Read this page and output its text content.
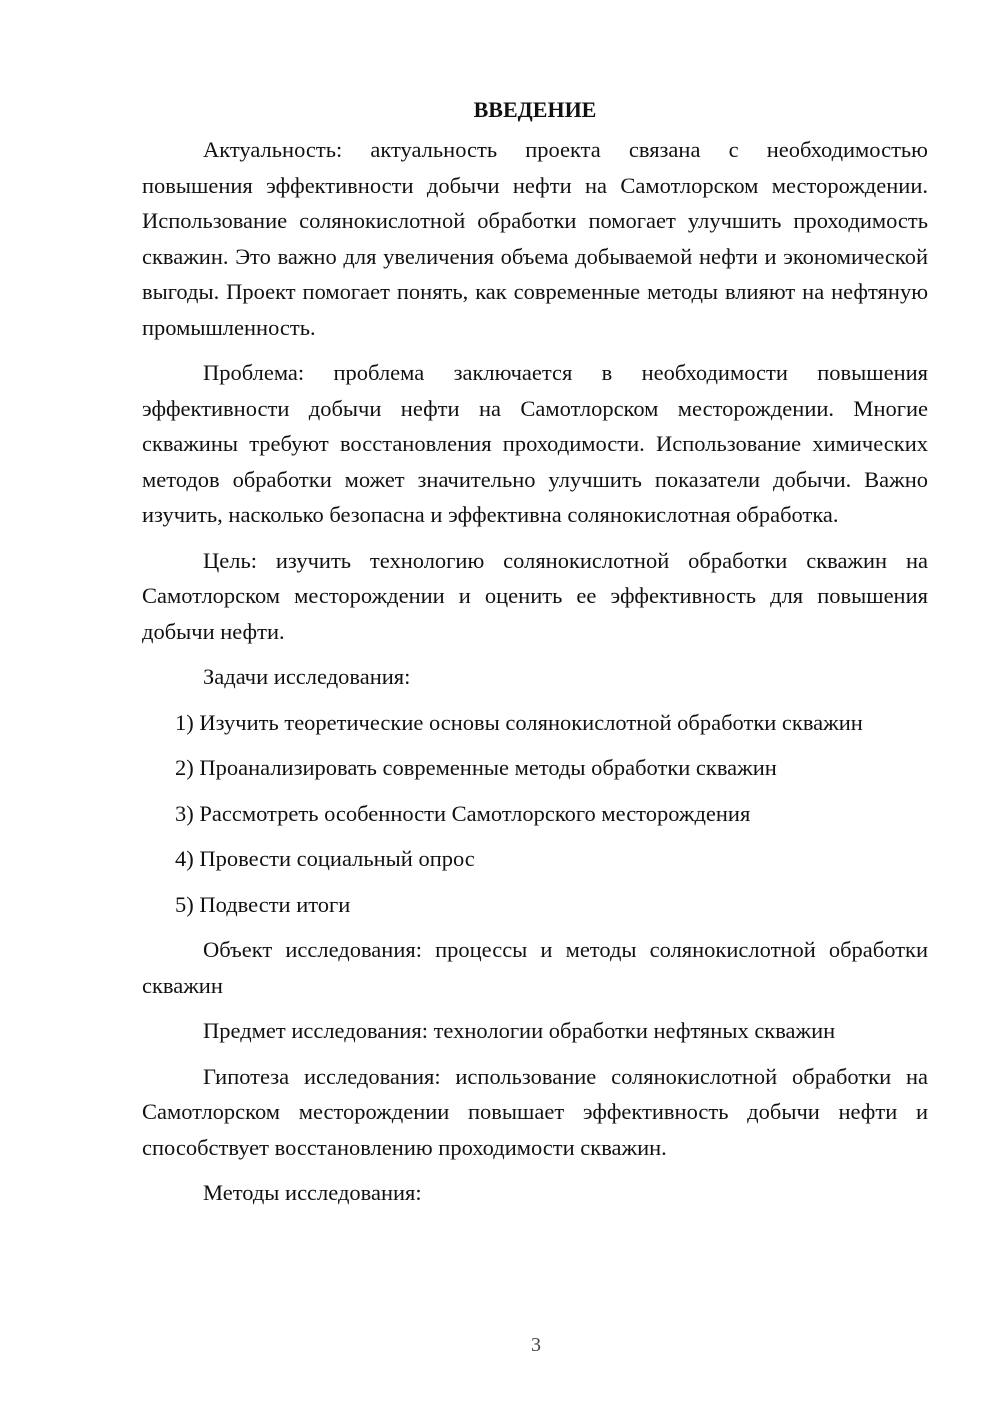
ВВЕДЕНИЕ

Актуальность: актуальность проекта связана с необходимостью повышения эффективности добычи нефти на Самотлорском месторождении. Использование солянокислотной обработки помогает улучшить проходимость скважин. Это важно для увеличения объема добываемой нефти и экономической выгоды. Проект помогает понять, как современные методы влияют на нефтяную промышленность.

Проблема: проблема заключается в необходимости повышения эффективности добычи нефти на Самотлорском месторождении. Многие скважины требуют восстановления проходимости. Использование химических методов обработки может значительно улучшить показатели добычи. Важно изучить, насколько безопасна и эффективна солянокислотная обработка.

Цель: изучить технологию солянокислотной обработки скважин на Самотлорском месторождении и оценить ее эффективность для повышения добычи нефти.

Задачи исследования:

1) Изучить теоретические основы солянокислотной обработки скважин

2) Проанализировать современные методы обработки скважин

3) Рассмотреть особенности Самотлорского месторождения

4) Провести социальный опрос

5) Подвести итоги

Объект исследования: процессы и методы солянокислотной обработки скважин

Предмет исследования: технологии обработки нефтяных скважин

Гипотеза исследования: использование солянокислотной обработки на Самотлорском месторождении повышает эффективность добычи нефти и способствует восстановлению проходимости скважин.

Методы исследования:

3
